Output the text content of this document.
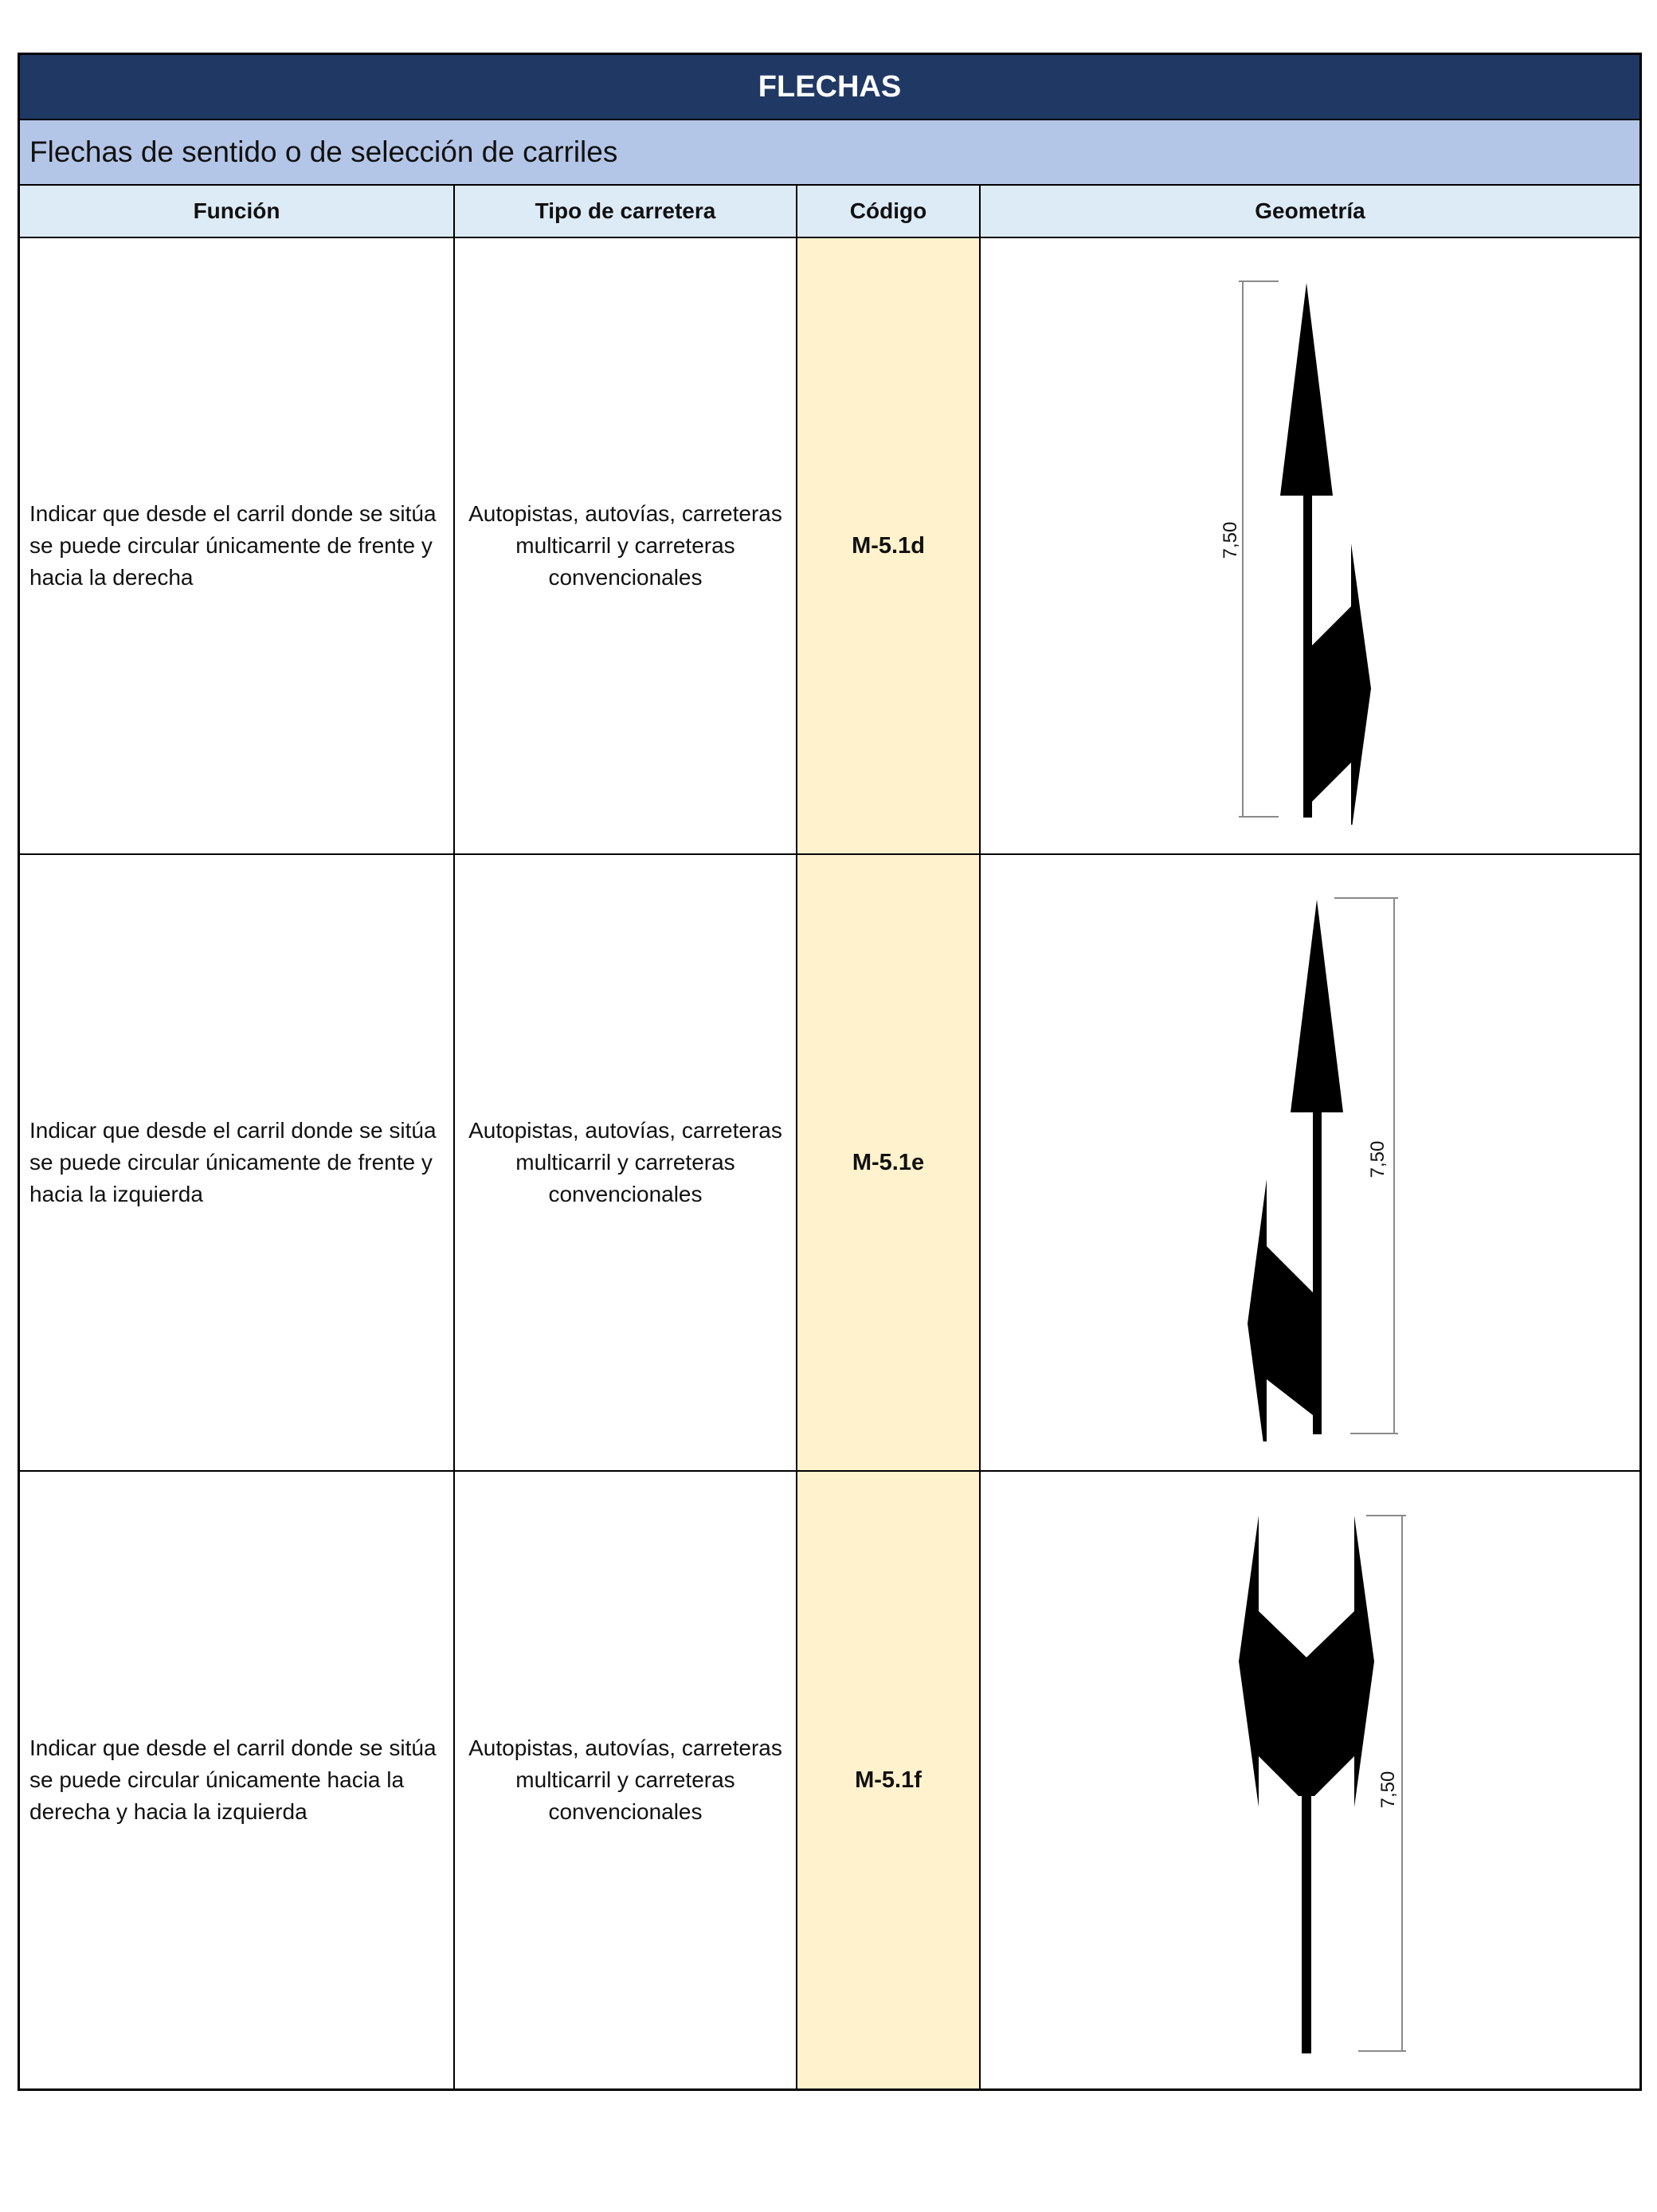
FLECHAS
Flechas de sentido o de selección de carriles
Función	Tipo de carretera	Código	Geometría
Indicar que desde el carril donde se sitúa se puede circular únicamente de frente y hacia la derecha	Autopistas, autovías, carreteras multicarril y carreteras convencionales	M-5.1d	7,50

Indicar que desde el carril donde se sitúa se puede circular únicamente de frente y hacia la izquierda	Autopistas, autovías, carreteras multicarril y carreteras convencionales	M-5.1e	7,50

Indicar que desde el carril donde se sitúa se puede circular únicamente hacia la derecha y hacia la izquierda	Autopistas, autovías, carreteras multicarril y carreteras convencionales	M-5.1f	7,50
